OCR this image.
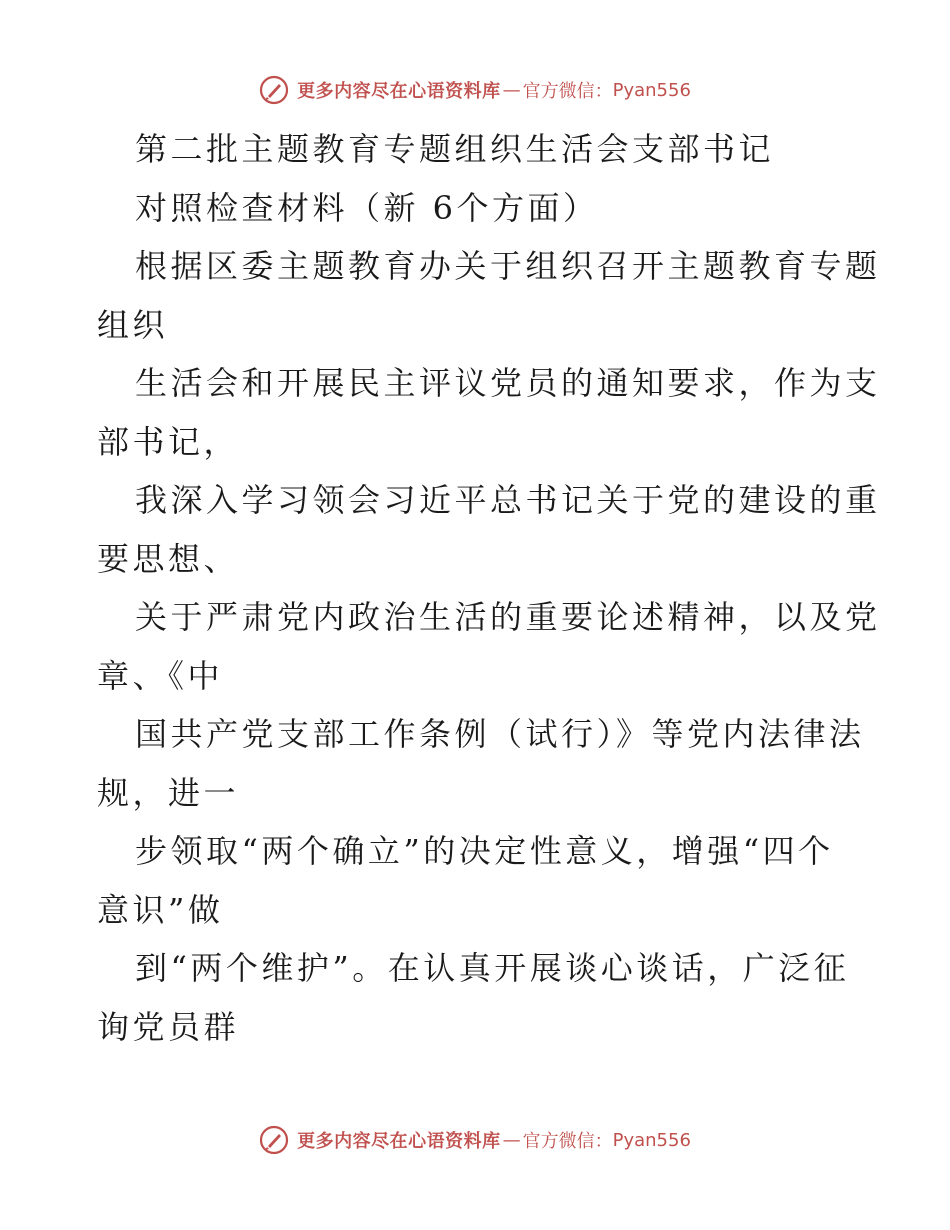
更多内容尽在心语资料库 — 官方微信： Pyan556
第二批主题教育专题组织生活会支部书记
对照检查材料（新 6个方面）
根据区委主题教育办关于组织召开主题教育专题
组织
生活会和开展民主评议党员的通知要求，作为支
部书记，
我深入学习领会习近平总书记关于党的建设的重
要思想、
关于严肃党内政治生活的重要论述精神，以及党
章、《中
国共产党支部工作条例（试行）》等党内法律法
规，进一
步领取“两个确立”的决定性意义，增强“四个
意识”做
到“两个维护”。在认真开展谈心谈话，广泛征
询党员群
更多内容尽在心语资料库 — 官方微信： Pyan556
